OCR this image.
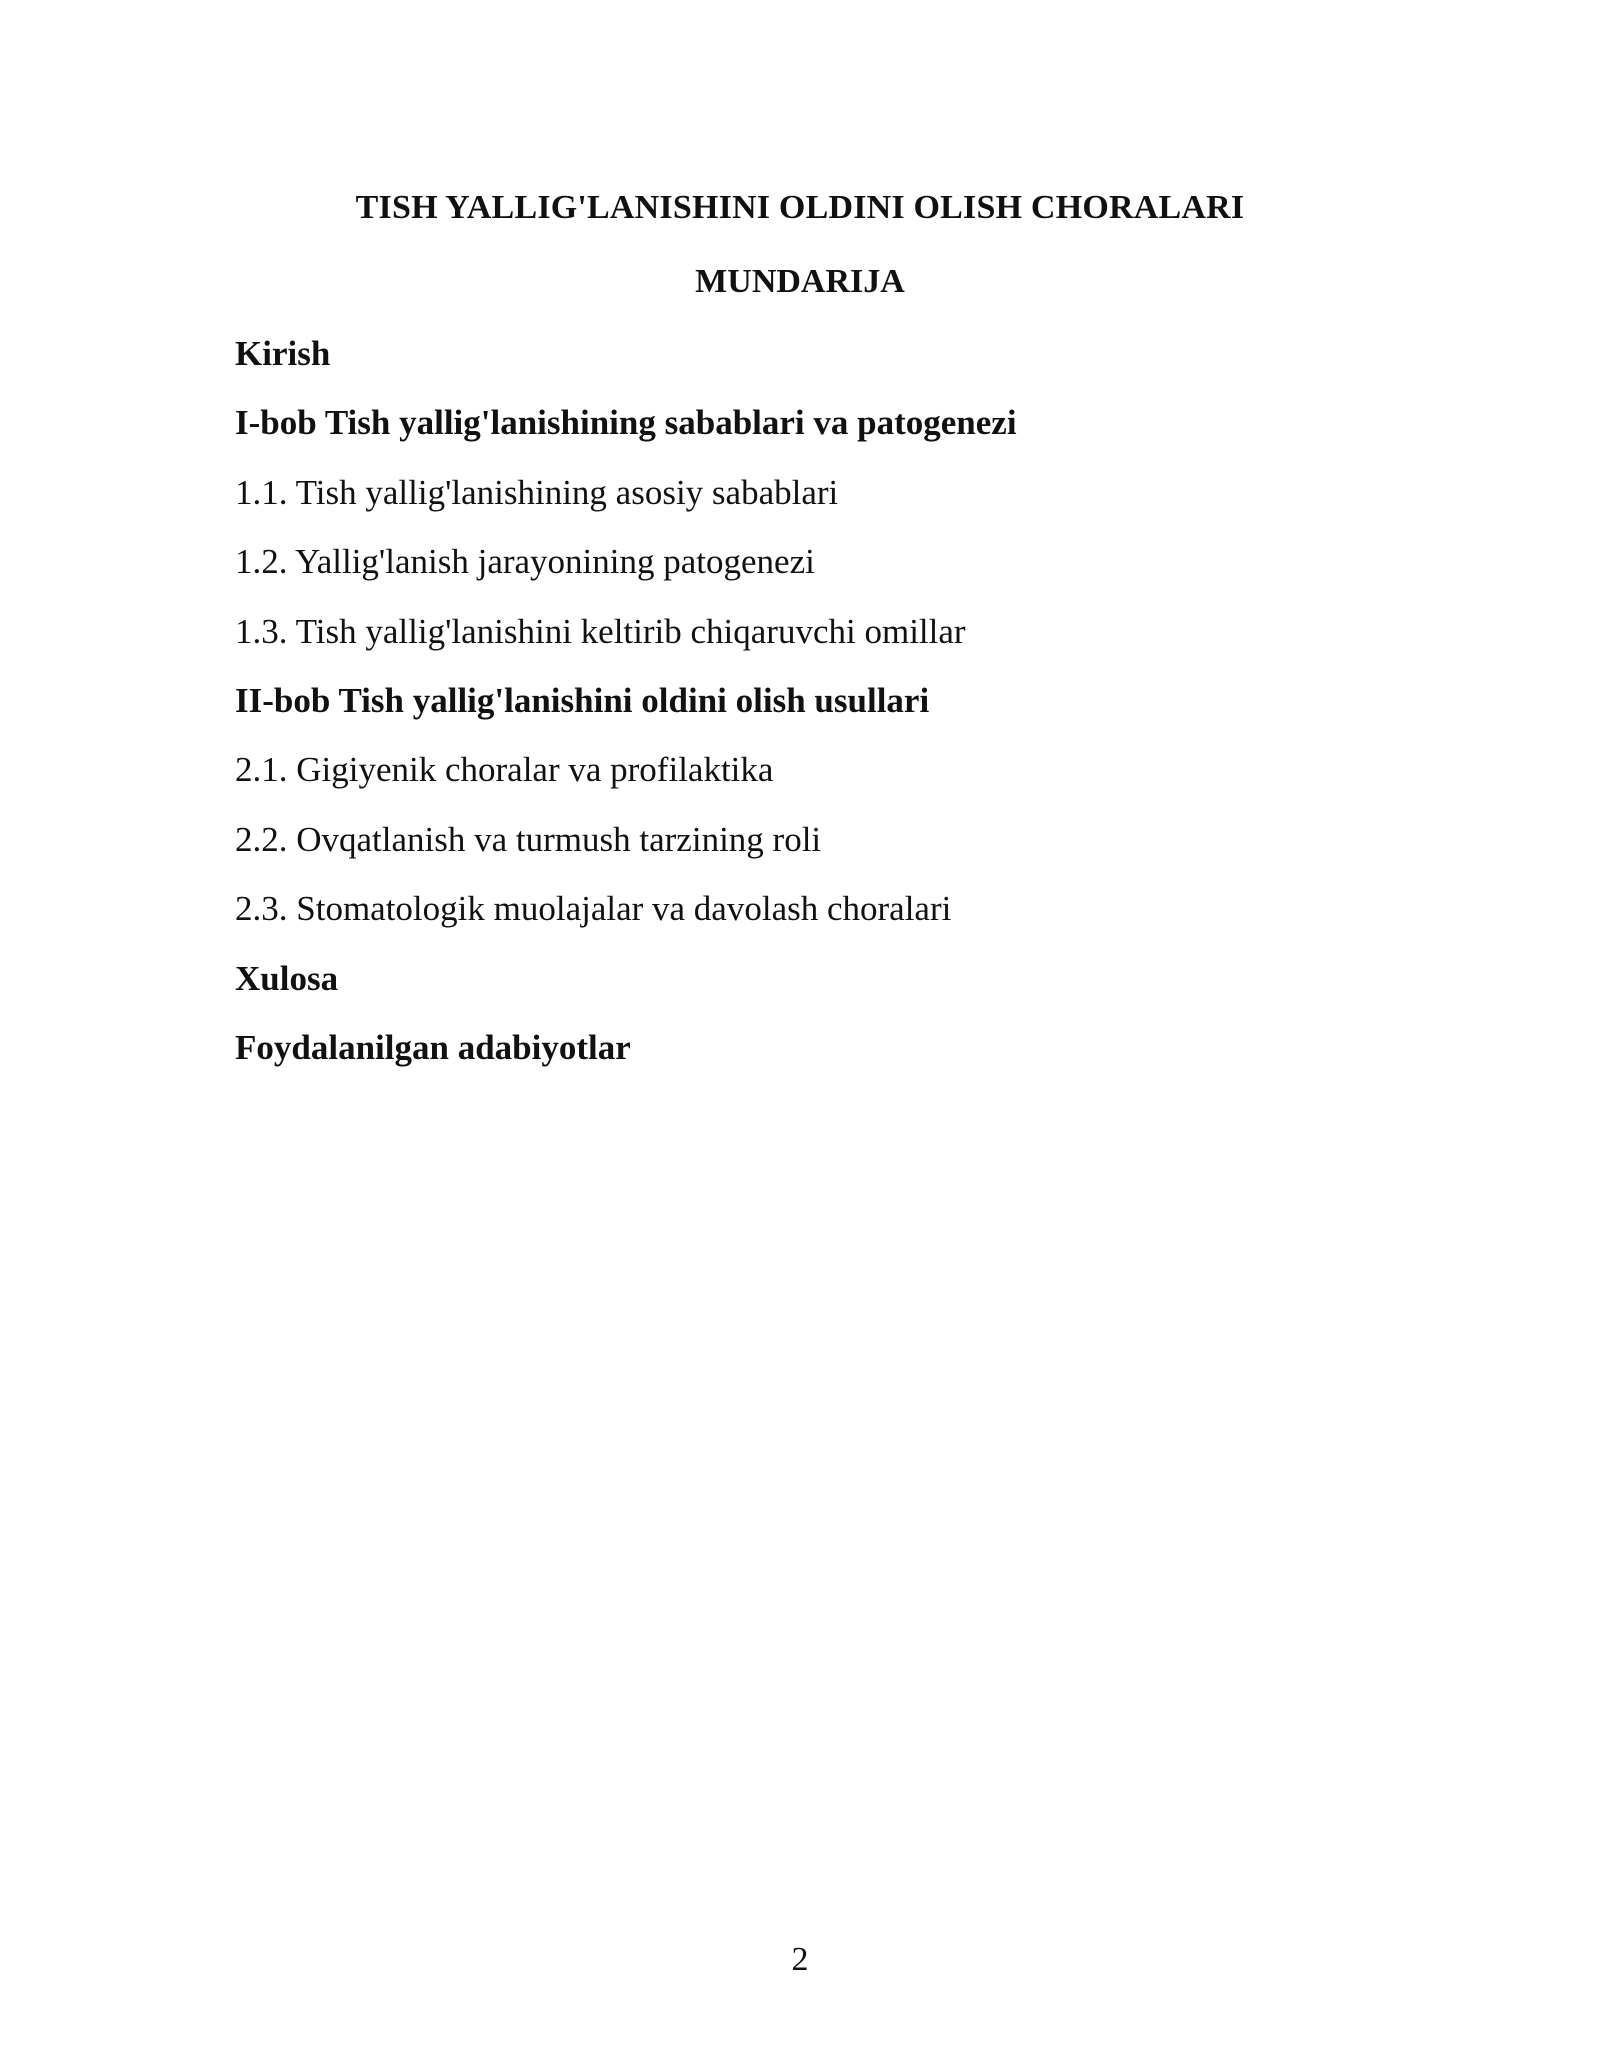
TISH YALLIG'LANISHINI OLDINI OLISH CHORALARI
MUNDARIJA
Kirish
I-bob Tish yallig'lanishining sabablari va patogenezi
1.1. Tish yallig'lanishining asosiy sabablari
1.2. Yallig'lanish jarayonining patogenezi
1.3. Tish yallig'lanishini keltirib chiqaruvchi omillar
II-bob Tish yallig'lanishini oldini olish usullari
2.1. Gigiyenik choralar va profilaktika
2.2. Ovqatlanish va turmush tarzining roli
2.3. Stomatologik muolajalar va davolash choralari
Xulosa
Foydalanilgan adabiyotlar
2
